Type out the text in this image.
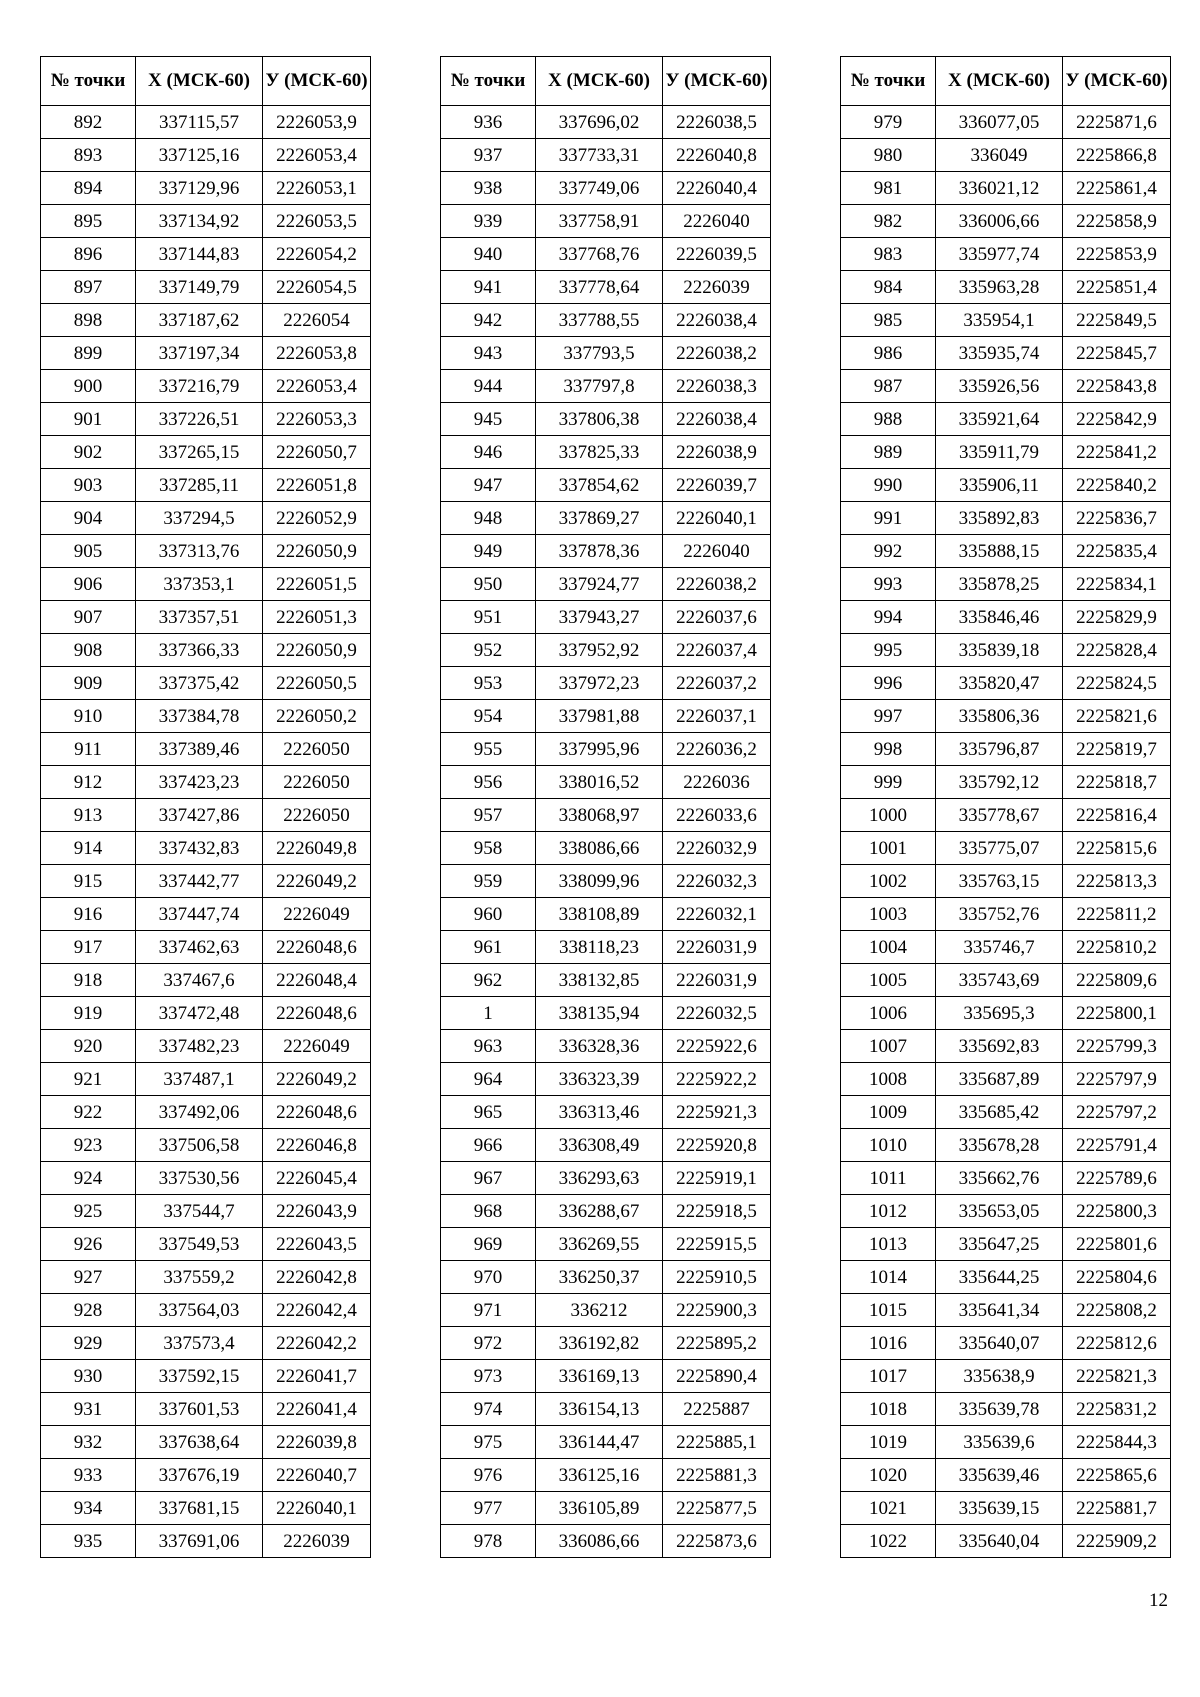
№ точки	X (МСК-60)	У (МСК-60)
892	337115,57	2226053,9
893	337125,16	2226053,4
894	337129,96	2226053,1
895	337134,92	2226053,5
896	337144,83	2226054,2
897	337149,79	2226054,5
898	337187,62	2226054
899	337197,34	2226053,8
900	337216,79	2226053,4
901	337226,51	2226053,3
902	337265,15	2226050,7
903	337285,11	2226051,8
904	337294,5	2226052,9
905	337313,76	2226050,9
906	337353,1	2226051,5
907	337357,51	2226051,3
908	337366,33	2226050,9
909	337375,42	2226050,5
910	337384,78	2226050,2
911	337389,46	2226050
912	337423,23	2226050
913	337427,86	2226050
914	337432,83	2226049,8
915	337442,77	2226049,2
916	337447,74	2226049
917	337462,63	2226048,6
918	337467,6	2226048,4
919	337472,48	2226048,6
920	337482,23	2226049
921	337487,1	2226049,2
922	337492,06	2226048,6
923	337506,58	2226046,8
924	337530,56	2226045,4
925	337544,7	2226043,9
926	337549,53	2226043,5
927	337559,2	2226042,8
928	337564,03	2226042,4
929	337573,4	2226042,2
930	337592,15	2226041,7
931	337601,53	2226041,4
932	337638,64	2226039,8
933	337676,19	2226040,7
934	337681,15	2226040,1
935	337691,06	2226039
№ точки	X (МСК-60)	У (МСК-60)
936	337696,02	2226038,5
937	337733,31	2226040,8
938	337749,06	2226040,4
939	337758,91	2226040
940	337768,76	2226039,5
941	337778,64	2226039
942	337788,55	2226038,4
943	337793,5	2226038,2
944	337797,8	2226038,3
945	337806,38	2226038,4
946	337825,33	2226038,9
947	337854,62	2226039,7
948	337869,27	2226040,1
949	337878,36	2226040
950	337924,77	2226038,2
951	337943,27	2226037,6
952	337952,92	2226037,4
953	337972,23	2226037,2
954	337981,88	2226037,1
955	337995,96	2226036,2
956	338016,52	2226036
957	338068,97	2226033,6
958	338086,66	2226032,9
959	338099,96	2226032,3
960	338108,89	2226032,1
961	338118,23	2226031,9
962	338132,85	2226031,9
1	338135,94	2226032,5
963	336328,36	2225922,6
964	336323,39	2225922,2
965	336313,46	2225921,3
966	336308,49	2225920,8
967	336293,63	2225919,1
968	336288,67	2225918,5
969	336269,55	2225915,5
970	336250,37	2225910,5
971	336212	2225900,3
972	336192,82	2225895,2
973	336169,13	2225890,4
974	336154,13	2225887
975	336144,47	2225885,1
976	336125,16	2225881,3
977	336105,89	2225877,5
978	336086,66	2225873,6
№ точки	X (МСК-60)	У (МСК-60)
979	336077,05	2225871,6
980	336049	2225866,8
981	336021,12	2225861,4
982	336006,66	2225858,9
983	335977,74	2225853,9
984	335963,28	2225851,4
985	335954,1	2225849,5
986	335935,74	2225845,7
987	335926,56	2225843,8
988	335921,64	2225842,9
989	335911,79	2225841,2
990	335906,11	2225840,2
991	335892,83	2225836,7
992	335888,15	2225835,4
993	335878,25	2225834,1
994	335846,46	2225829,9
995	335839,18	2225828,4
996	335820,47	2225824,5
997	335806,36	2225821,6
998	335796,87	2225819,7
999	335792,12	2225818,7
1000	335778,67	2225816,4
1001	335775,07	2225815,6
1002	335763,15	2225813,3
1003	335752,76	2225811,2
1004	335746,7	2225810,2
1005	335743,69	2225809,6
1006	335695,3	2225800,1
1007	335692,83	2225799,3
1008	335687,89	2225797,9
1009	335685,42	2225797,2
1010	335678,28	2225791,4
1011	335662,76	2225789,6
1012	335653,05	2225800,3
1013	335647,25	2225801,6
1014	335644,25	2225804,6
1015	335641,34	2225808,2
1016	335640,07	2225812,6
1017	335638,9	2225821,3
1018	335639,78	2225831,2
1019	335639,6	2225844,3
1020	335639,46	2225865,6
1021	335639,15	2225881,7
1022	335640,04	2225909,2
12
